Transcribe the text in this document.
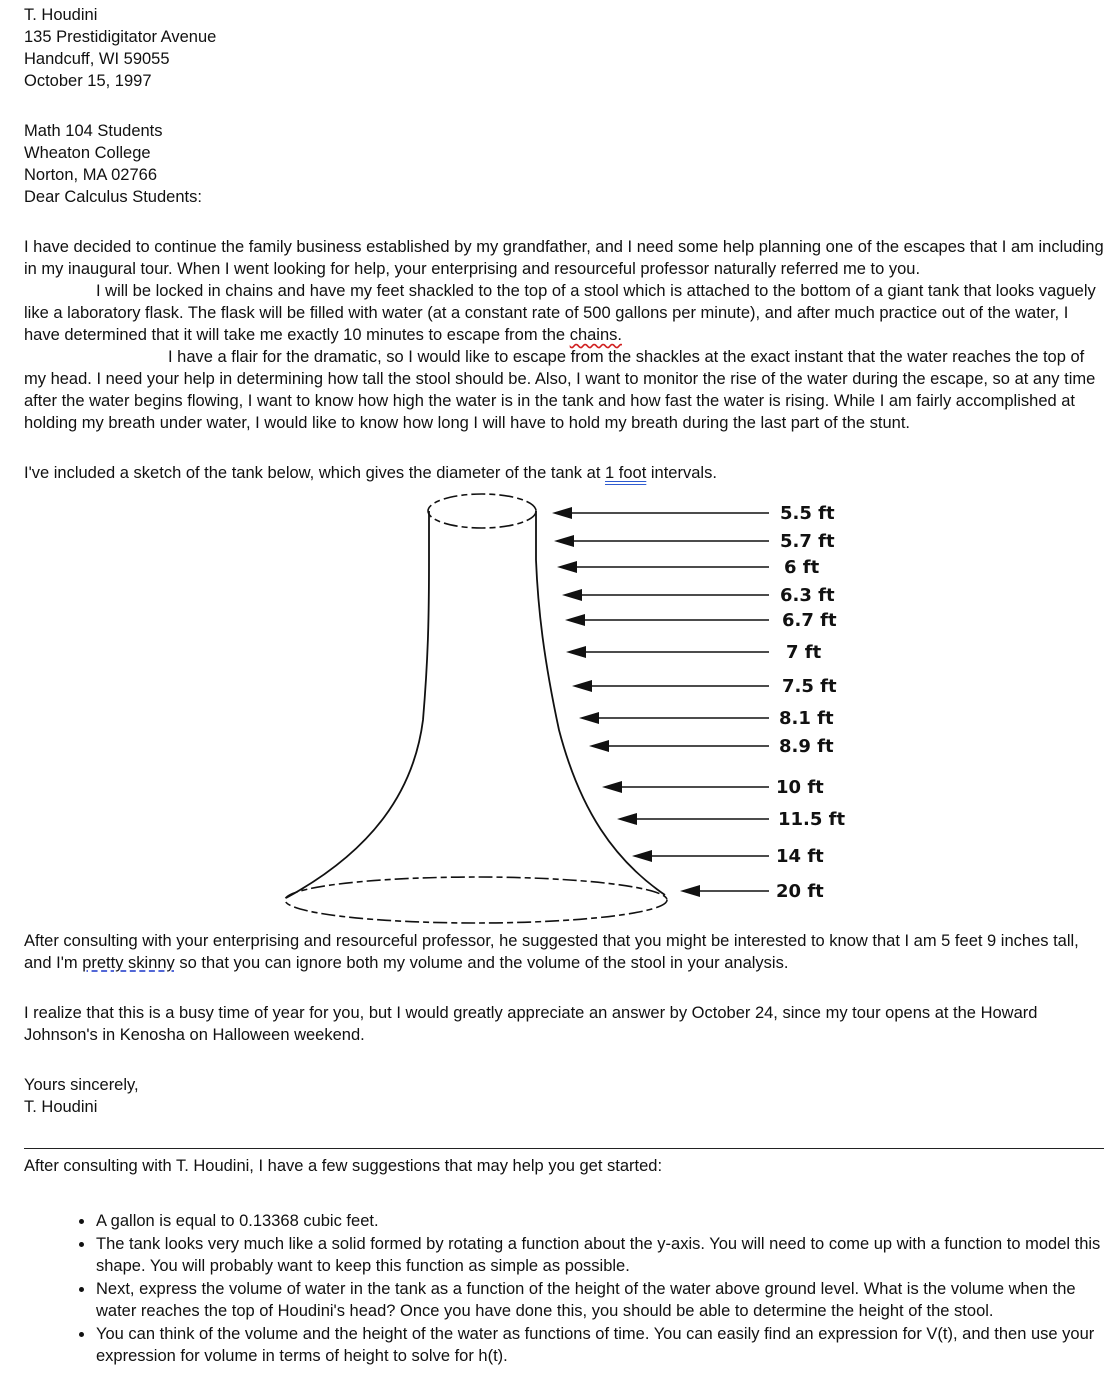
T. Houdini
135 Prestidigitator Avenue
Handcuff, WI 59055
October 15, 1997
Math 104 Students
Wheaton College
Norton, MA 02766
Dear Calculus Students:

I have decided to continue the family business established by my grandfather, and I need some help planning one of the escapes that I am including in my inaugural tour. When I went looking for help, your enterprising and resourceful professor naturally referred me to you.

I will be locked in chains and have my feet shackled to the top of a stool which is attached to the bottom of a giant tank that looks vaguely like a laboratory flask. The flask will be filled with water (at a constant rate of 500 gallons per minute), and after much practice out of the water, I have determined that it will take me exactly 10 minutes to escape from the chains.

I have a flair for the dramatic, so I would like to escape from the shackles at the exact instant that the water reaches the top of my head. I need your help in determining how tall the stool should be. Also, I want to monitor the rise of the water during the escape, so at any time after the water begins flowing, I want to know how high the water is in the tank and how fast the water is rising. While I am fairly accomplished at holding my breath under water, I would like to know how long I will have to hold my breath during the last part of the stunt.

I've included a sketch of the tank below, which gives the diameter of the tank at 1 foot intervals.

5.5 ft
5.7 ft
6 ft
6.3 ft
6.7 ft
7 ft
7.5 ft
8.1 ft
8.9 ft
10 ft
11.5 ft
14 ft
20 ft

After consulting with your enterprising and resourceful professor, he suggested that you might be interested to know that I am 5 feet 9 inches tall, and I'm pretty skinny so that you can ignore both my volume and the volume of the stool in your analysis.

I realize that this is a busy time of year for you, but I would greatly appreciate an answer by October 24, since my tour opens at the Howard Johnson's in Kenosha on Halloween weekend.

Yours sincerely,
T. Houdini

After consulting with T. Houdini, I have a few suggestions that may help you get started:

• A gallon is equal to 0.13368 cubic feet.
• The tank looks very much like a solid formed by rotating a function about the y-axis. You will need to come up with a function to model this shape. You will probably want to keep this function as simple as possible.
• Next, express the volume of water in the tank as a function of the height of the water above ground level. What is the volume when the water reaches the top of Houdini's head? Once you have done this, you should be able to determine the height of the stool.
• You can think of the volume and the height of the water as functions of time. You can easily find an expression for V(t), and then use your expression for volume in terms of height to solve for h(t).
